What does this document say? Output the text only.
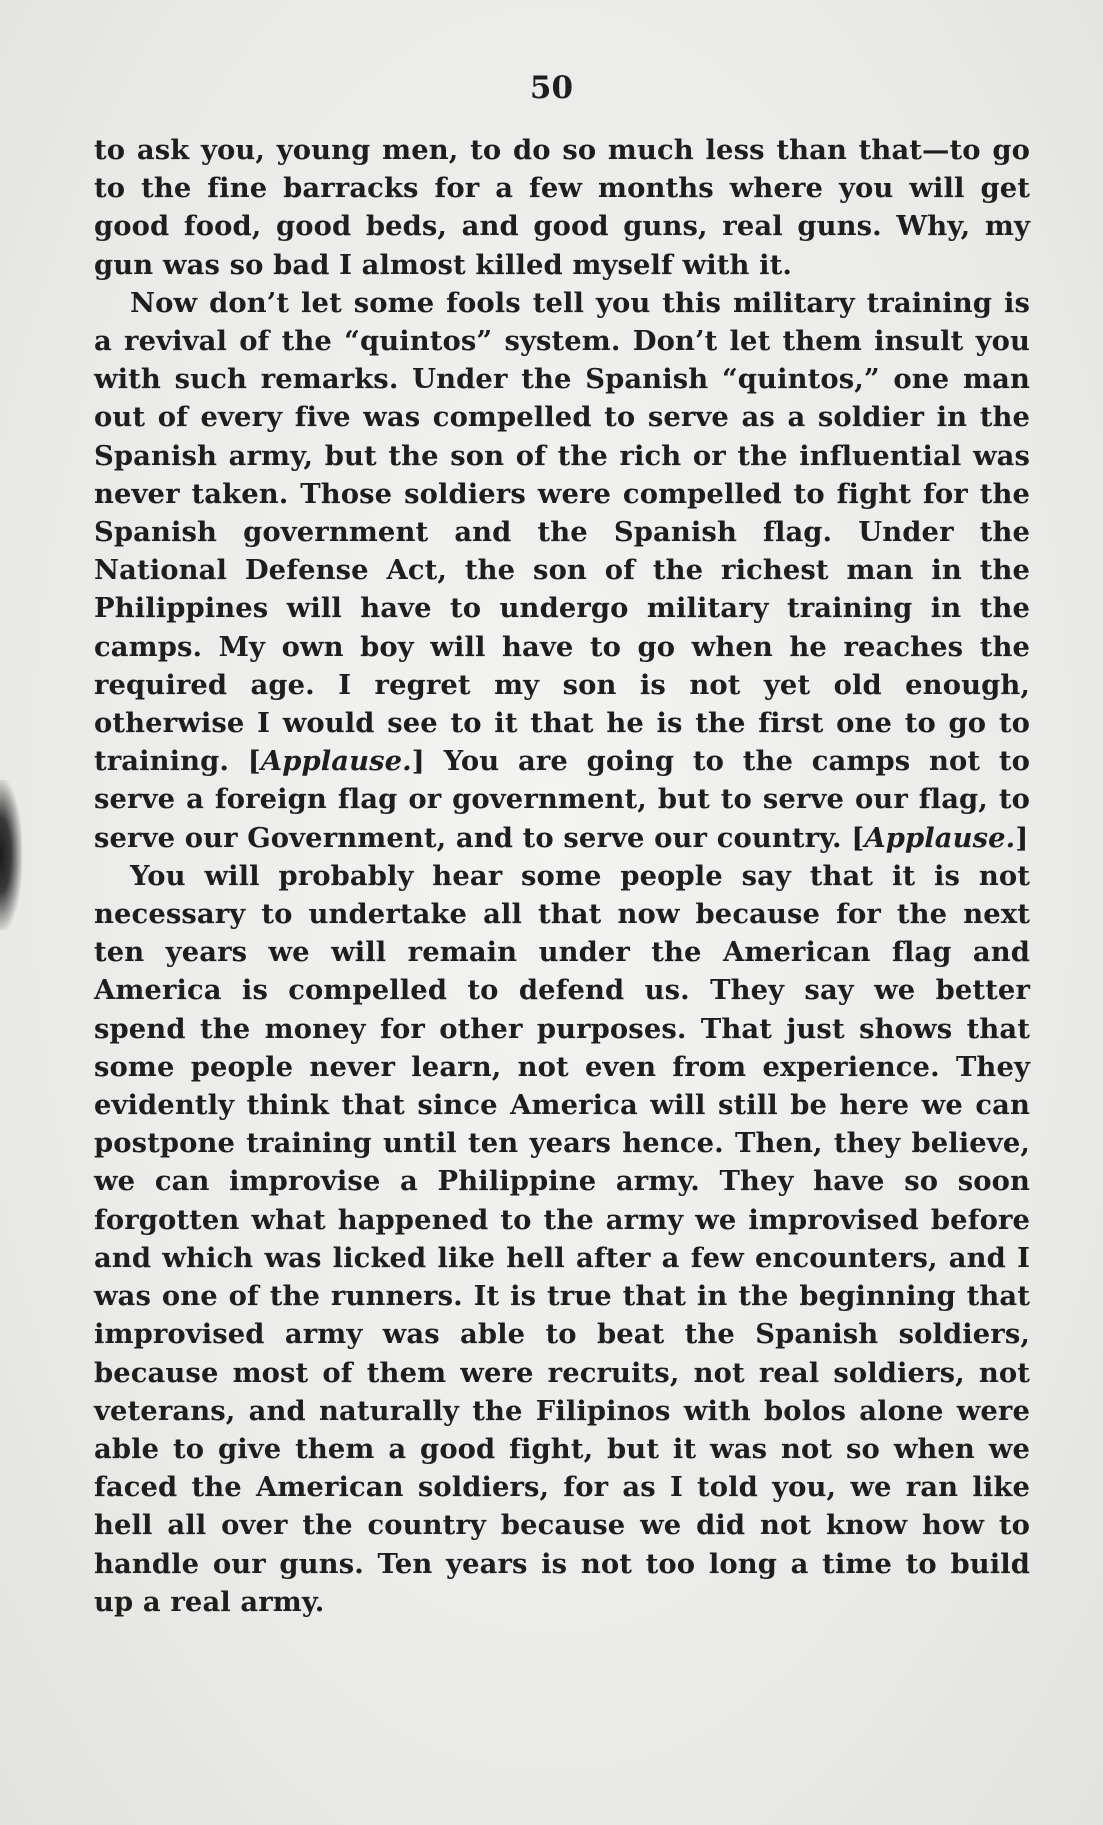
50

to ask you, young men, to do so much less than that—to go to the fine barracks for a few months where you will get good food, good beds, and good guns, real guns. Why, my gun was so bad I almost killed myself with it.

Now don’t let some fools tell you this military training is a revival of the “quintos” system. Don’t let them insult you with such remarks. Under the Spanish “quintos,” one man out of every five was compelled to serve as a soldier in the Spanish army, but the son of the rich or the influential was never taken. Those soldiers were compelled to fight for the Spanish government and the Spanish flag. Under the National Defense Act, the son of the richest man in the Philippines will have to undergo military training in the camps. My own boy will have to go when he reaches the required age. I regret my son is not yet old enough, otherwise I would see to it that he is the first one to go to training. [Applause.] You are going to the camps not to serve a foreign flag or government, but to serve our flag, to serve our Government, and to serve our country. [Applause.]

You will probably hear some people say that it is not necessary to undertake all that now because for the next ten years we will remain under the American flag and America is compelled to defend us. They say we better spend the money for other purposes. That just shows that some people never learn, not even from experience. They evidently think that since America will still be here we can postpone training until ten years hence. Then, they believe, we can improvise a Philippine army. They have so soon forgotten what happened to the army we improvised before and which was licked like hell after a few encounters, and I was one of the runners. It is true that in the beginning that improvised army was able to beat the Spanish soldiers, because most of them were recruits, not real soldiers, not veterans, and naturally the Filipinos with bolos alone were able to give them a good fight, but it was not so when we faced the American soldiers, for as I told you, we ran like hell all over the country because we did not know how to handle our guns. Ten years is not too long a time to build up a real army.
